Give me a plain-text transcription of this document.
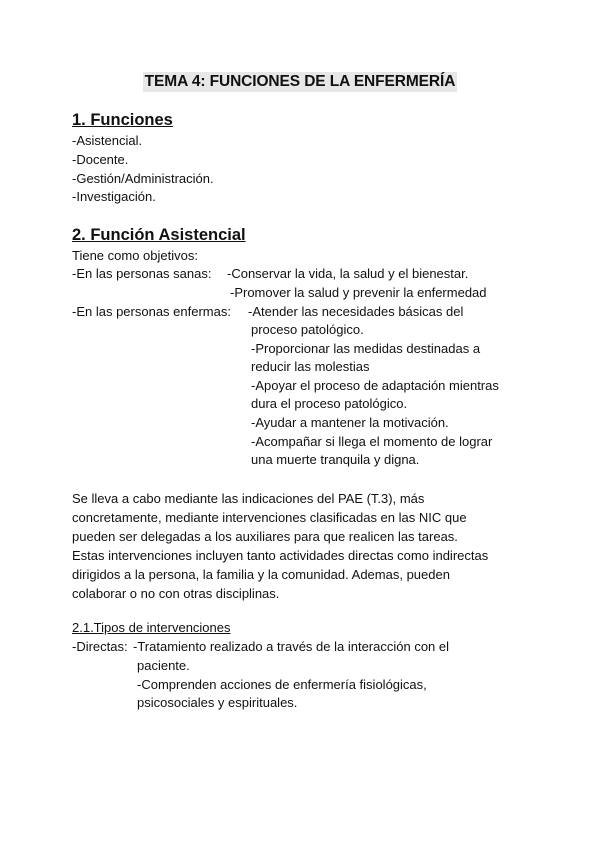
TEMA 4: FUNCIONES DE LA ENFERMERÍA
1. Funciones
-Asistencial.
-Docente.
-Gestión/Administración.
-Investigación.
2. Función Asistencial
Tiene como objetivos:
-En las personas sanas: -Conservar la vida, la salud y el bienestar.
-Promover la salud y prevenir la enfermedad
-En las personas enfermas: -Atender las necesidades básicas del
proceso patológico.
-Proporcionar las medidas destinadas a
reducir las molestias
-Apoyar el proceso de adaptación mientras
dura el proceso patológico.
-Ayudar a mantener la motivación.
-Acompañar si llega el momento de lograr
una muerte tranquila y digna.

Se lleva a cabo mediante las indicaciones del PAE (T.3), más

concretamente, mediante intervenciones clasificadas en las NIC que

pueden ser delegadas a los auxiliares para que realicen las tareas.

Estas intervenciones incluyen tanto actividades directas como indirectas

dirigidos a la persona, la familia y la comunidad. Ademas, pueden

colaborar o no con otras disciplinas.

2.1.Tipos de intervenciones
-Directas: -Tratamiento realizado a través de la interacción con el
paciente.
-Comprenden acciones de enfermería fisiológicas,
psicosociales y espirituales.
